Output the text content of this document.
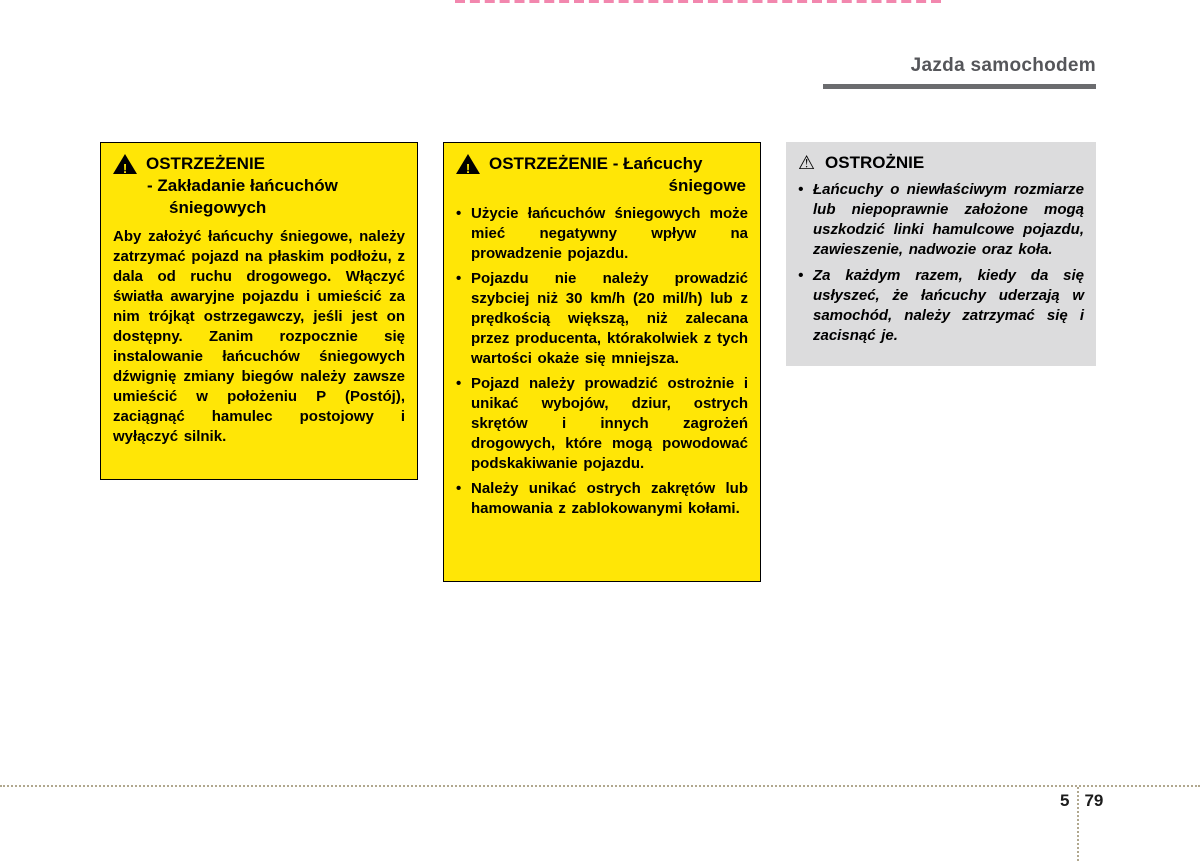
Jazda samochodem
!
OSTRZEŻENIE
- Zakładanie łańcuchów
śniegowych
Aby założyć łańcuchy śniegowe, należy zatrzymać pojazd na płaskim podłożu, z dala od ruchu drogowego. Włączyć światła awaryjne pojazdu i umieścić za nim trójkąt ostrzegawczy, jeśli jest on dostępny. Zanim rozpocznie się instalowanie łańcuchów śniegowych dźwignię zmiany biegów należy zawsze umieścić w położeniu P (Postój), zaciągnąć hamulec postojowy i wyłączyć silnik.
!
OSTRZEŻENIE - Łańcuchy
śniegowe
• Użycie łańcuchów śniegowych może mieć negatywny wpływ na prowadzenie pojazdu.
• Pojazdu nie należy prowadzić szybciej niż 30 km/h (20 mil/h) lub z prędkością większą, niż zalecana przez producenta, którakolwiek z tych wartości okaże się mniejsza.
• Pojazd należy prowadzić ostrożnie i unikać wybojów, dziur, ostrych skrętów i innych zagrożeń drogowych, które mogą powodować podskakiwanie pojazdu.
• Należy unikać ostrych zakrętów lub hamowania z zablokowanymi kołami.
⚠
OSTROŻNIE
• Łańcuchy o niewłaściwym rozmiarze lub niepoprawnie założone mogą uszkodzić linki hamulcowe pojazdu, zawieszenie, nadwozie oraz koła.
• Za każdym razem, kiedy da się usłyszeć, że łańcuchy uderzają w samochód, należy zatrzymać się i zacisnąć je.
5 79
